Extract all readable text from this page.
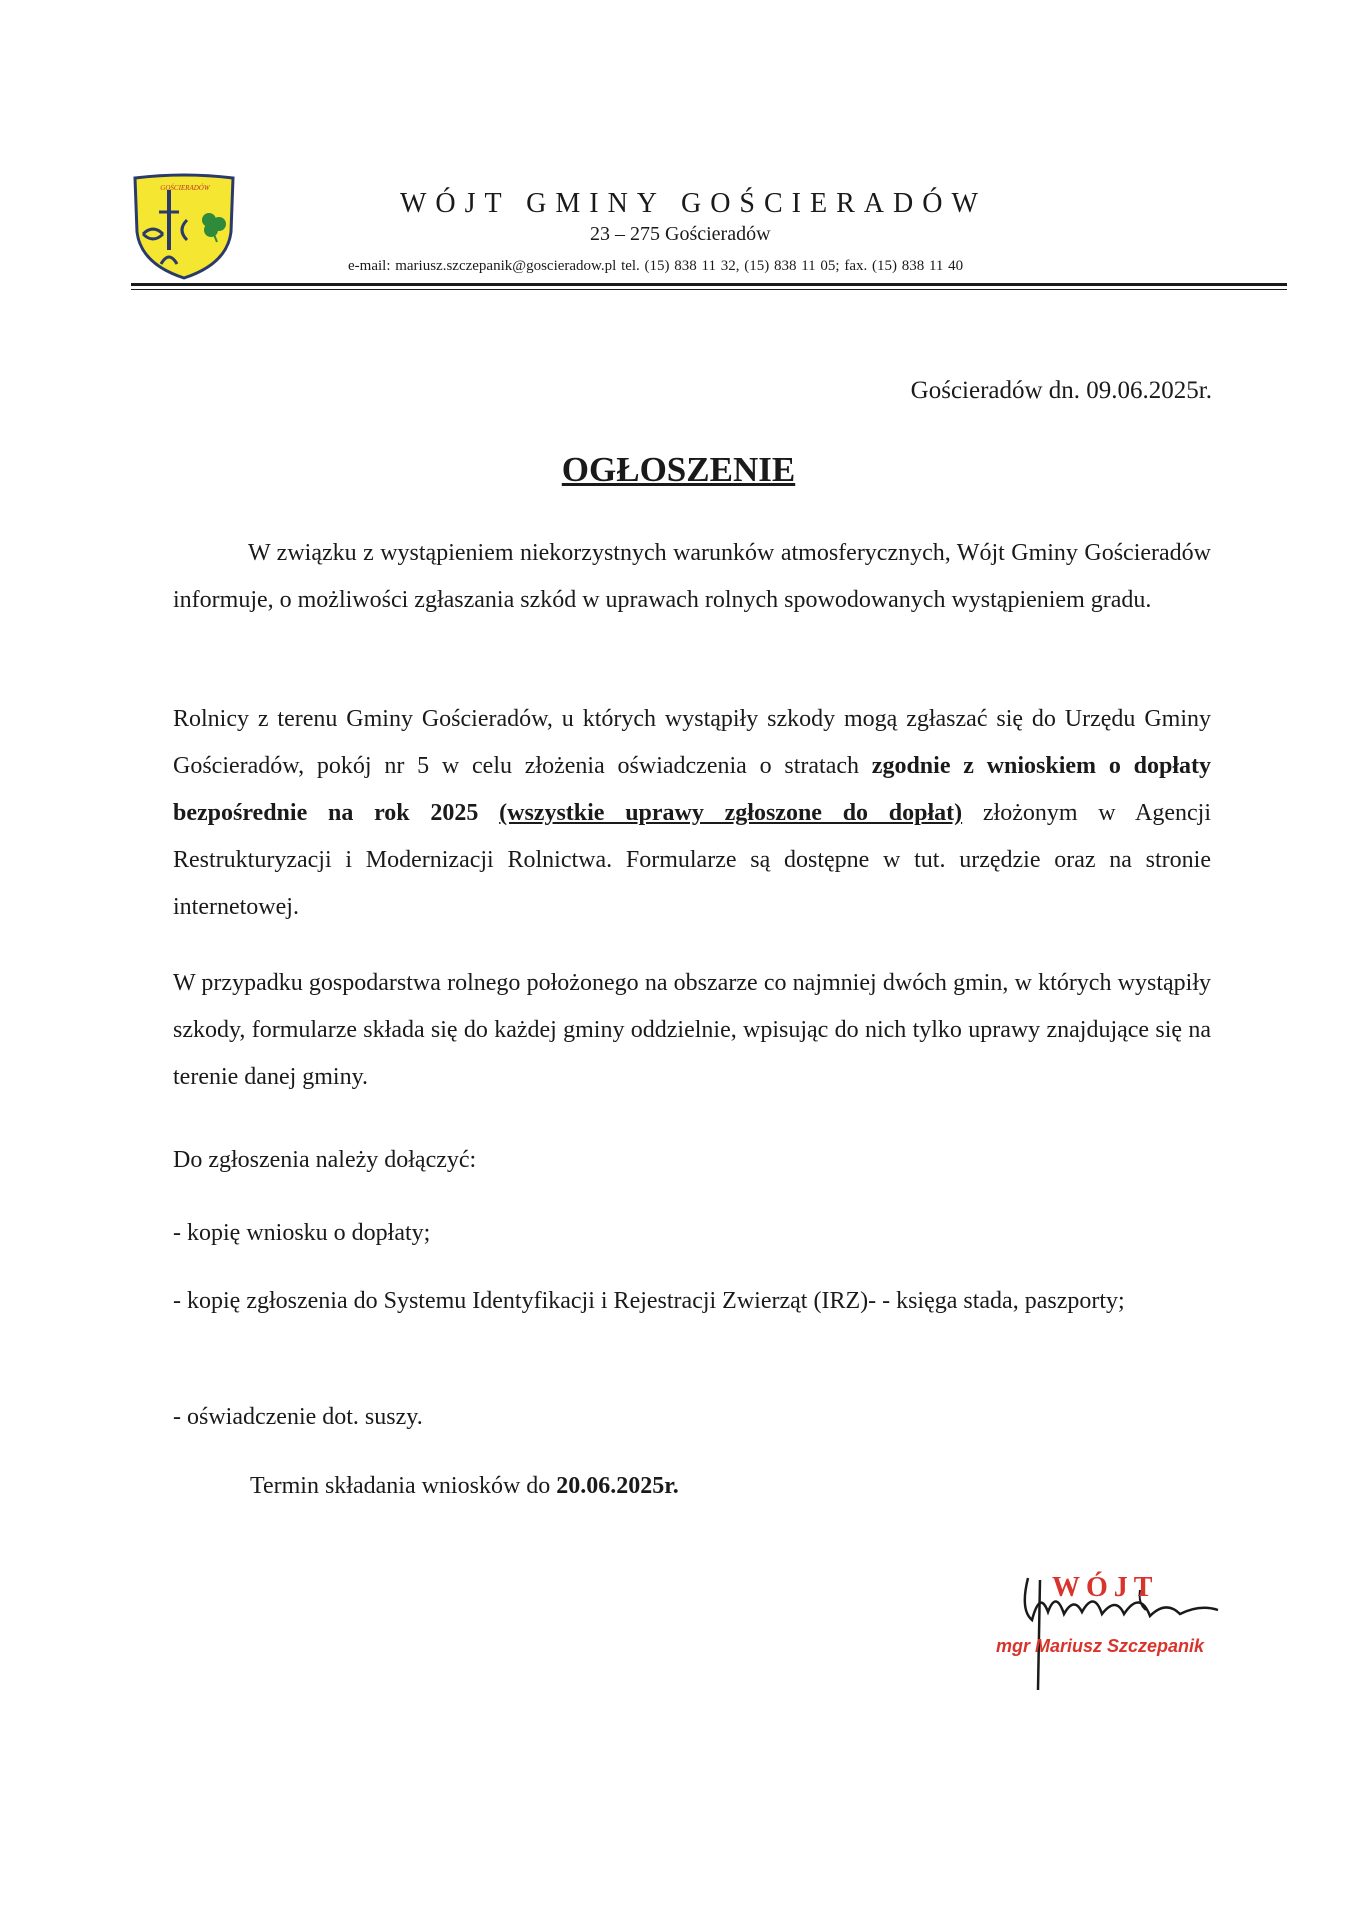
GOŚCIERADÓW	WÓJT GMINY GOŚCIERADÓW
23 – 275 Gościeradów
e-mail: mariusz.szczepanik@goscieradow.pl tel. (15) 838 11 32, (15) 838 11 05; fax. (15) 838 11 40
Gościeradów dn. 09.06.2025r.
OGŁOSZENIE
W związku z wystąpieniem niekorzystnych warunków atmosferycznych, Wójt Gminy Gościeradów informuje, o możliwości zgłaszania szkód w uprawach rolnych spowodowanych wystąpieniem gradu.
Rolnicy z terenu Gminy Gościeradów, u których wystąpiły szkody mogą zgłaszać się do Urzędu Gminy Gościeradów, pokój nr 5 w celu złożenia oświadczenia o stratach zgodnie z wnioskiem o dopłaty bezpośrednie na rok 2025 (wszystkie uprawy zgłoszone do dopłat) złożonym w Agencji Restrukturyzacji i Modernizacji Rolnictwa. Formularze są dostępne w tut. urzędzie oraz na stronie internetowej.
W przypadku gospodarstwa rolnego położonego na obszarze co najmniej dwóch gmin, w których wystąpiły szkody, formularze składa się do każdej gminy oddzielnie, wpisując do nich tylko uprawy znajdujące się na terenie danej gminy.
Do zgłoszenia należy dołączyć:
- kopię wniosku o dopłaty;
- kopię zgłoszenia do Systemu Identyfikacji i Rejestracji Zwierząt (IRZ)- - księga stada, paszporty;
- oświadczenie dot. suszy.
Termin składania wniosków do 20.06.2025r.
WÓJT
mgr Mariusz Szczepanik
